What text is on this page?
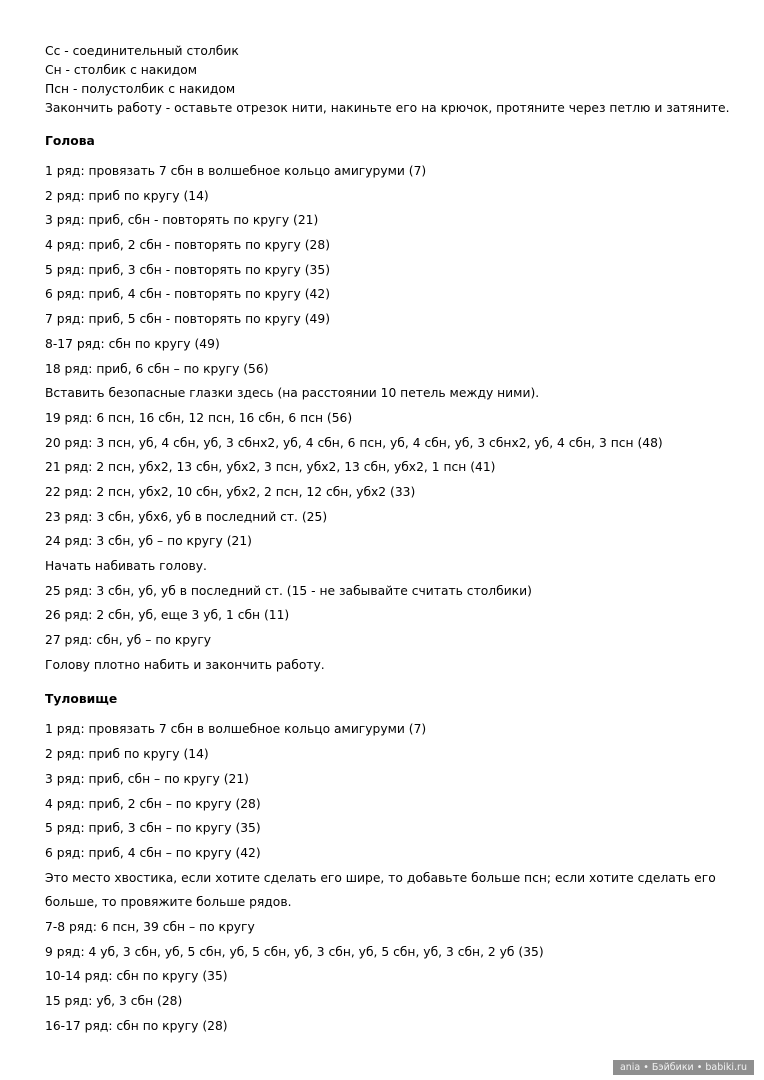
Сс - соединительный столбик
Сн - столбик с накидом
Псн - полустолбик с накидом
Закончить работу - оставьте отрезок нити, накиньте его на крючок, протяните через петлю и затяните.
Голова
1 ряд: провязать 7 сбн в волшебное кольцо амигуруми (7)
2 ряд: приб по кругу (14)
3 ряд: приб, сбн - повторять по кругу (21)
4 ряд: приб, 2 сбн - повторять по кругу (28)
5 ряд: приб, 3 сбн - повторять по кругу (35)
6 ряд: приб, 4 сбн - повторять по кругу (42)
7 ряд: приб, 5 сбн - повторять по кругу (49)
8-17 ряд: сбн по кругу (49)
18 ряд: приб, 6 сбн – по кругу (56)
Вставить безопасные глазки здесь (на расстоянии 10 петель между ними).
19 ряд: 6 псн, 16 сбн, 12 псн, 16 сбн, 6 псн (56)
20 ряд: 3 псн, уб, 4 сбн, уб, 3 сбнх2, уб, 4 сбн, 6 псн, уб, 4 сбн, уб, 3 сбнх2, уб, 4 сбн, 3 псн (48)
21 ряд: 2 псн, убх2, 13 сбн, убх2, 3 псн, убх2, 13 сбн, убх2, 1 псн (41)
22 ряд: 2 псн, убх2, 10 сбн, убх2, 2 псн, 12 сбн, убх2 (33)
23 ряд: 3 сбн, убх6, уб в последний ст. (25)
24 ряд: 3 сбн, уб – по кругу (21)
Начать набивать голову.
25 ряд: 3 сбн, уб, уб в последний ст. (15 - не забывайте считать столбики)
26 ряд: 2 сбн, уб, еще 3 уб, 1 сбн (11)
27 ряд: сбн, уб – по кругу
Голову плотно набить и закончить работу.
Туловище
1 ряд: провязать 7 сбн в волшебное кольцо амигуруми (7)
2 ряд: приб по кругу (14)
3 ряд: приб, сбн – по кругу (21)
4 ряд: приб, 2 сбн – по кругу (28)
5 ряд: приб, 3 сбн – по кругу (35)
6 ряд: приб, 4 сбн – по кругу (42)
Это место хвостика, если хотите сделать его шире, то добавьте больше псн; если хотите сделать его больше, то провяжите больше рядов.
7-8 ряд: 6 псн, 39 сбн – по кругу
9 ряд: 4 уб, 3 сбн, уб, 5 сбн, уб, 5 сбн, уб, 3 сбн, уб, 5 сбн, уб, 3 сбн, 2 уб (35)
10-14 ряд: сбн по кругу (35)
15 ряд: уб, 3 сбн (28)
16-17 ряд: сбн по кругу (28)
ania • Бэйбики • babiki.ru
